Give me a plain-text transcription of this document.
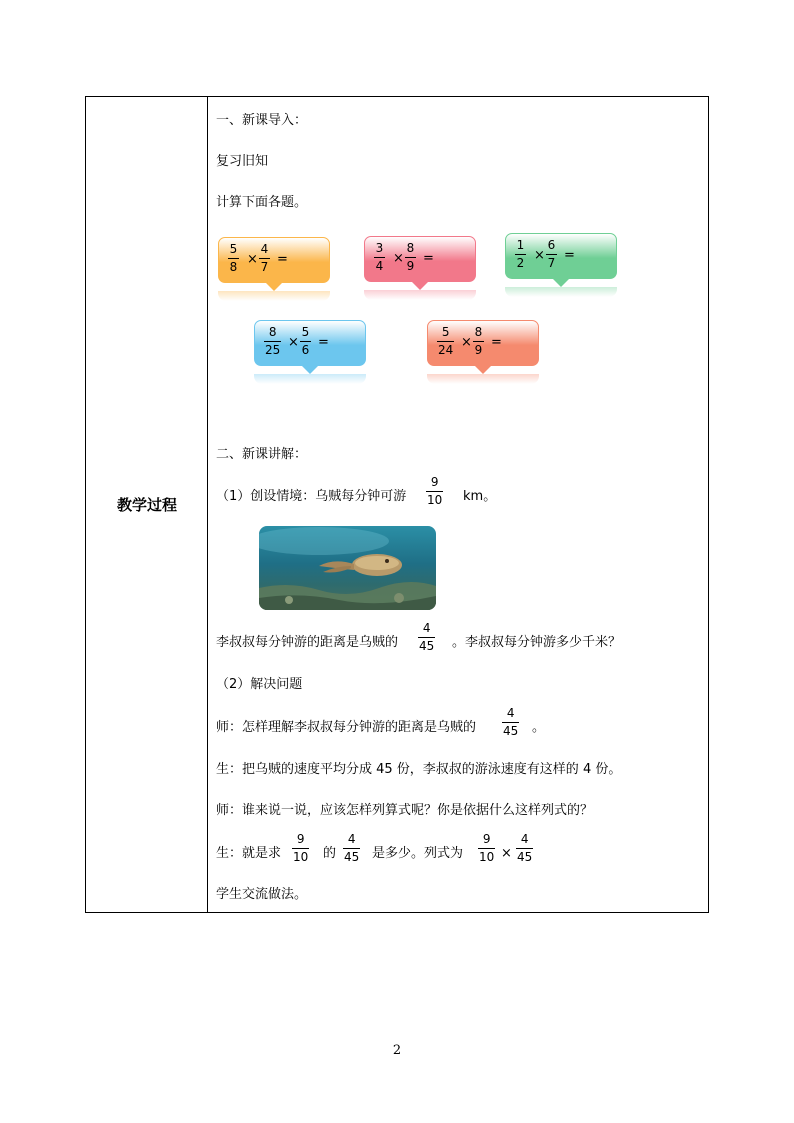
教学过程
一、新课导入：
复习旧知
计算下面各题。
5
8 ×
4
7 =
3
4 ×
8
9 =
1
2 ×
6
7 =
8
25 ×
5
6 =
5
24 ×
8
9 =
二、新课讲解：
（1）创设情境：乌贼每分钟可游
9
10 km。
李叔叔每分钟游的距离是乌贼的
4
45 。李叔叔每分钟游多少千米？
（2）解决问题
师：怎样理解李叔叔每分钟游的距离是乌贼的
4
45 。
生：把乌贼的速度平均分成 45 份，李叔叔的游泳速度有这样的 4 份。
师：谁来说一说，应该怎样列算式呢？你是依据什么这样列式的？
生：就是求
9
10 的
4
45 是多少。列式为
9
10 ×
4
45
学生交流做法。
2
